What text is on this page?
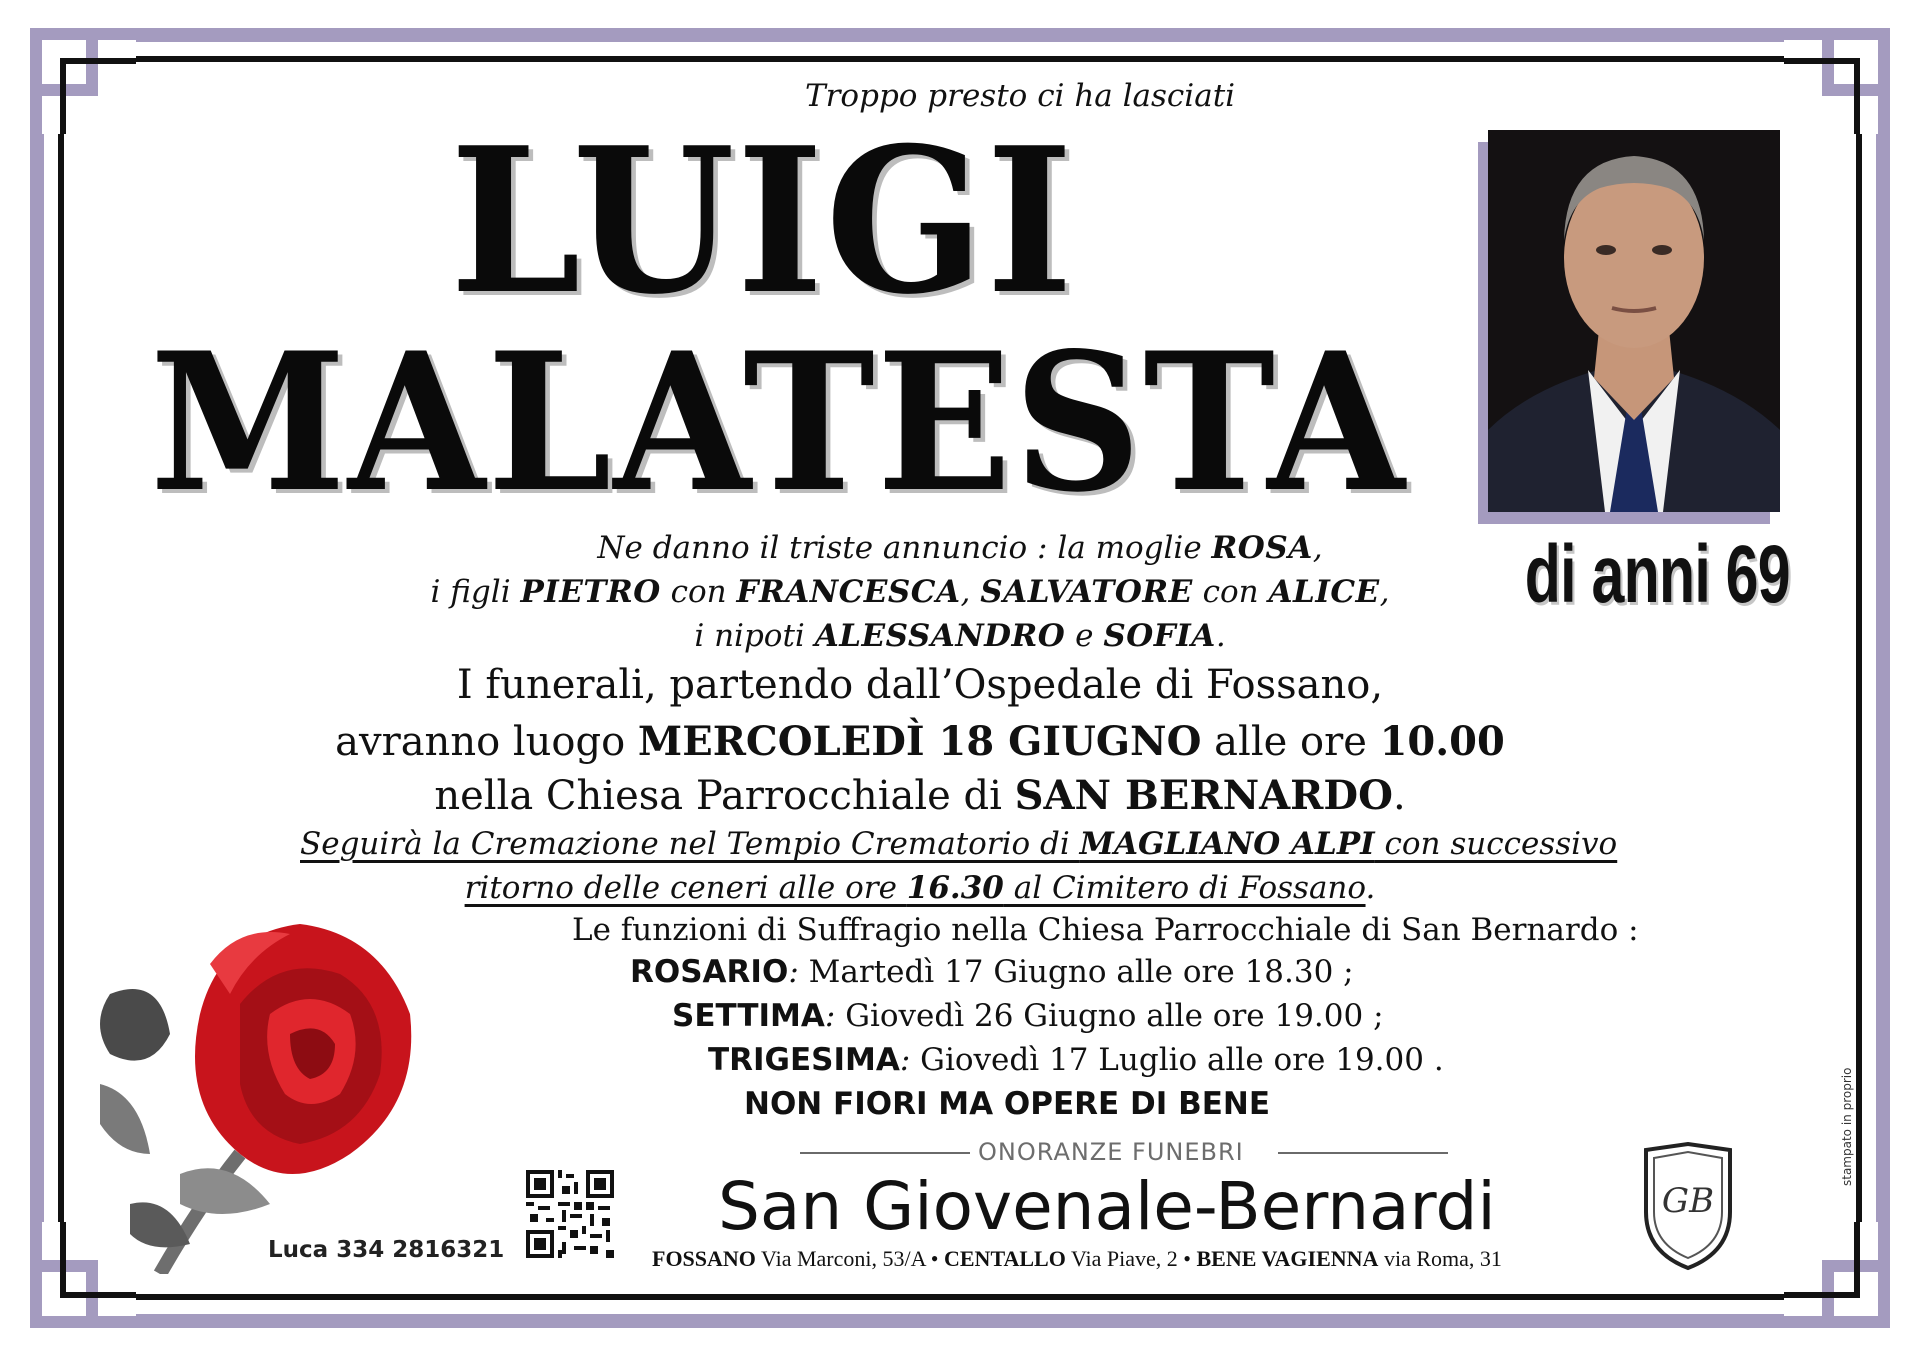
Troppo presto ci ha lasciati
LUIGI
MALATESTA
di anni 69
Ne danno il triste annuncio : la moglie ROSA,
i figli PIETRO con FRANCESCA, SALVATORE con ALICE,
i nipoti ALESSANDRO e SOFIA.
I funerali, partendo dall’Ospedale di Fossano,
avranno luogo MERCOLEDÌ 18 GIUGNO alle ore 10.00
nella Chiesa Parrocchiale di SAN BERNARDO.
Seguirà la Cremazione nel Tempio Crematorio di MAGLIANO ALPI con successivo
ritorno delle ceneri alle ore 16.30 al Cimitero di Fossano.
Le funzioni di Suffragio nella Chiesa Parrocchiale di San Bernardo :
ROSARIO: Martedì 17 Giugno alle ore 18.30 ;
SETTIMA: Giovedì 26 Giugno alle ore 19.00 ;
TRIGESIMA: Giovedì 17 Luglio alle ore 19.00 .
NON FIORI MA OPERE DI BENE
Luca 334 2816321
ONORANZE FUNEBRI
San Giovenale-Bernardi
FOSSANO Via Marconi, 53/A • CENTALLO Via Piave, 2 • BENE VAGIENNA via Roma, 31
GB
stampato in proprio
